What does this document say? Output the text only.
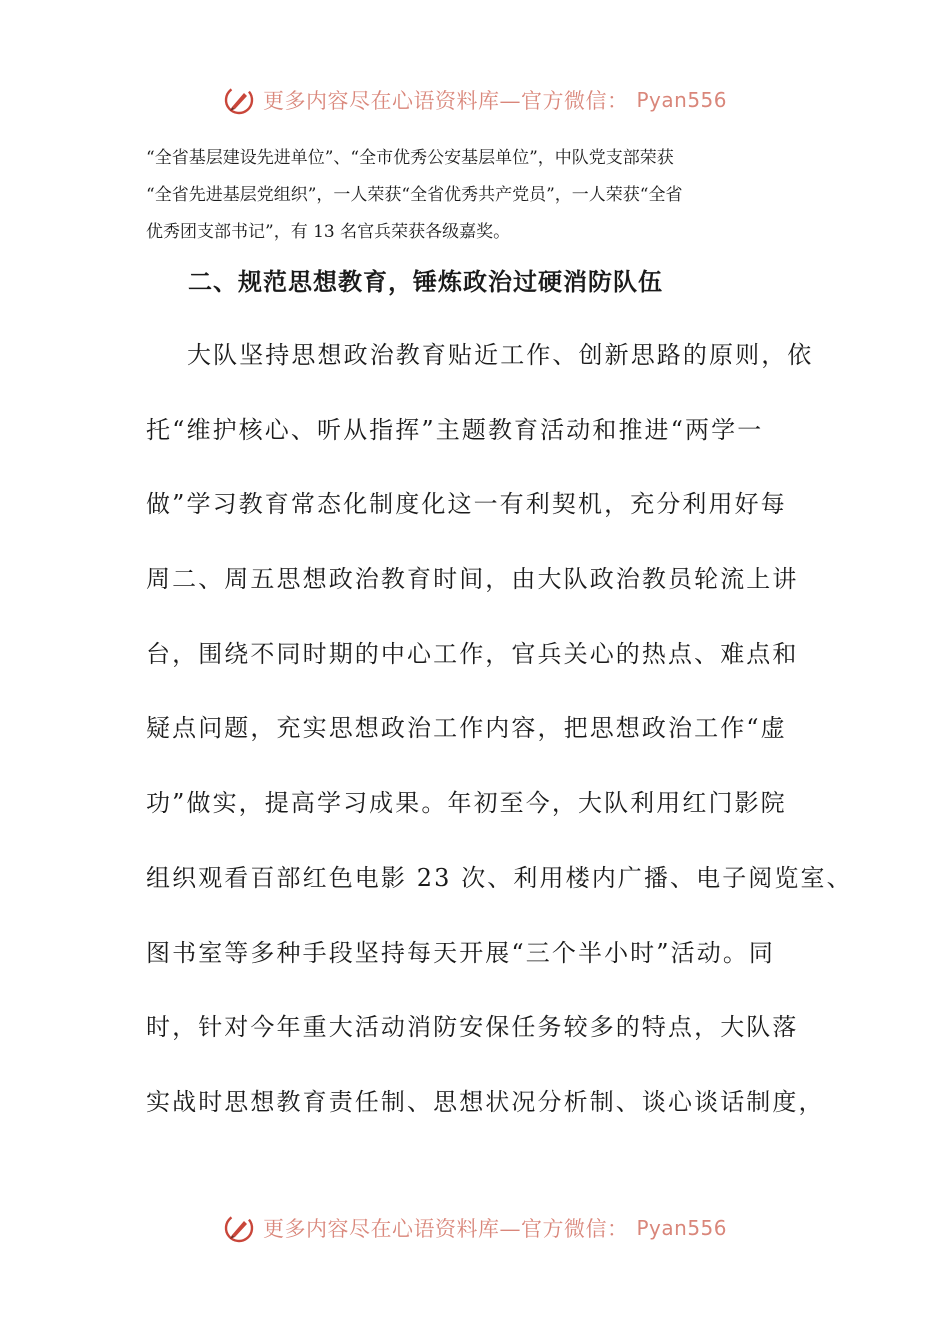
更多内容尽在心语资料库—官方微信： Pyan556

“全省基层建设先进单位”、“全市优秀公安基层单位”，中队党支部荣获

“全省先进基层党组织”，一人荣获“全省优秀共产党员”，一人荣获“全省

优秀团支部书记”，有 13 名官兵荣获各级嘉奖。

二、规范思想教育，锤炼政治过硬消防队伍

大队坚持思想政治教育贴近工作、创新思路的原则，依

托“维护核心、听从指挥”主题教育活动和推进“两学一

做”学习教育常态化制度化这一有利契机，充分利用好每

周二、周五思想政治教育时间，由大队政治教员轮流上讲

台，围绕不同时期的中心工作，官兵关心的热点、难点和

疑点问题，充实思想政治工作内容，把思想政治工作“虚

功”做实，提高学习成果。年初至今，大队利用红门影院

组织观看百部红色电影 23 次、利用楼内广播、电子阅览室、

图书室等多种手段坚持每天开展“三个半小时”活动。同

时，针对今年重大活动消防安保任务较多的特点，大队落

实战时思想教育责任制、思想状况分析制、谈心谈话制度，

更多内容尽在心语资料库—官方微信： Pyan556
